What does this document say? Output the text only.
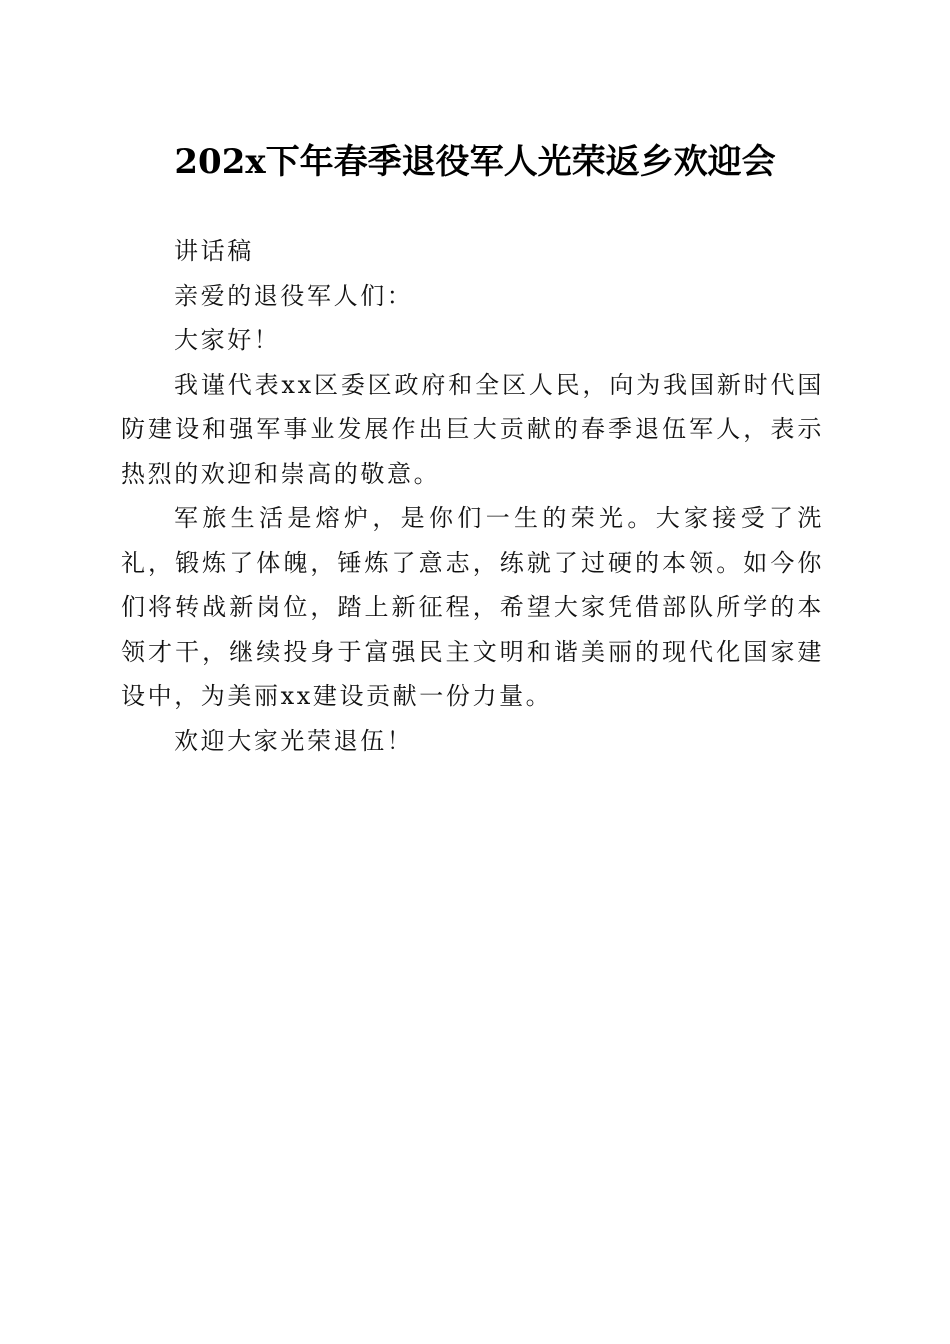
202x下年春季退役军人光荣返乡欢迎会

讲话稿

亲爱的退役军人们：

大家好！

我谨代表xx区委区政府和全区人民，向为我国新时代国防建设和强军事业发展作出巨大贡献的春季退伍军人，表示热烈的欢迎和崇高的敬意。

军旅生活是熔炉，是你们一生的荣光。大家接受了洗礼，锻炼了体魄，锤炼了意志，练就了过硬的本领。如今你们将转战新岗位，踏上新征程，希望大家凭借部队所学的本领才干，继续投身于富强民主文明和谐美丽的现代化国家建设中，为美丽xx建设贡献一份力量。

欢迎大家光荣退伍！
